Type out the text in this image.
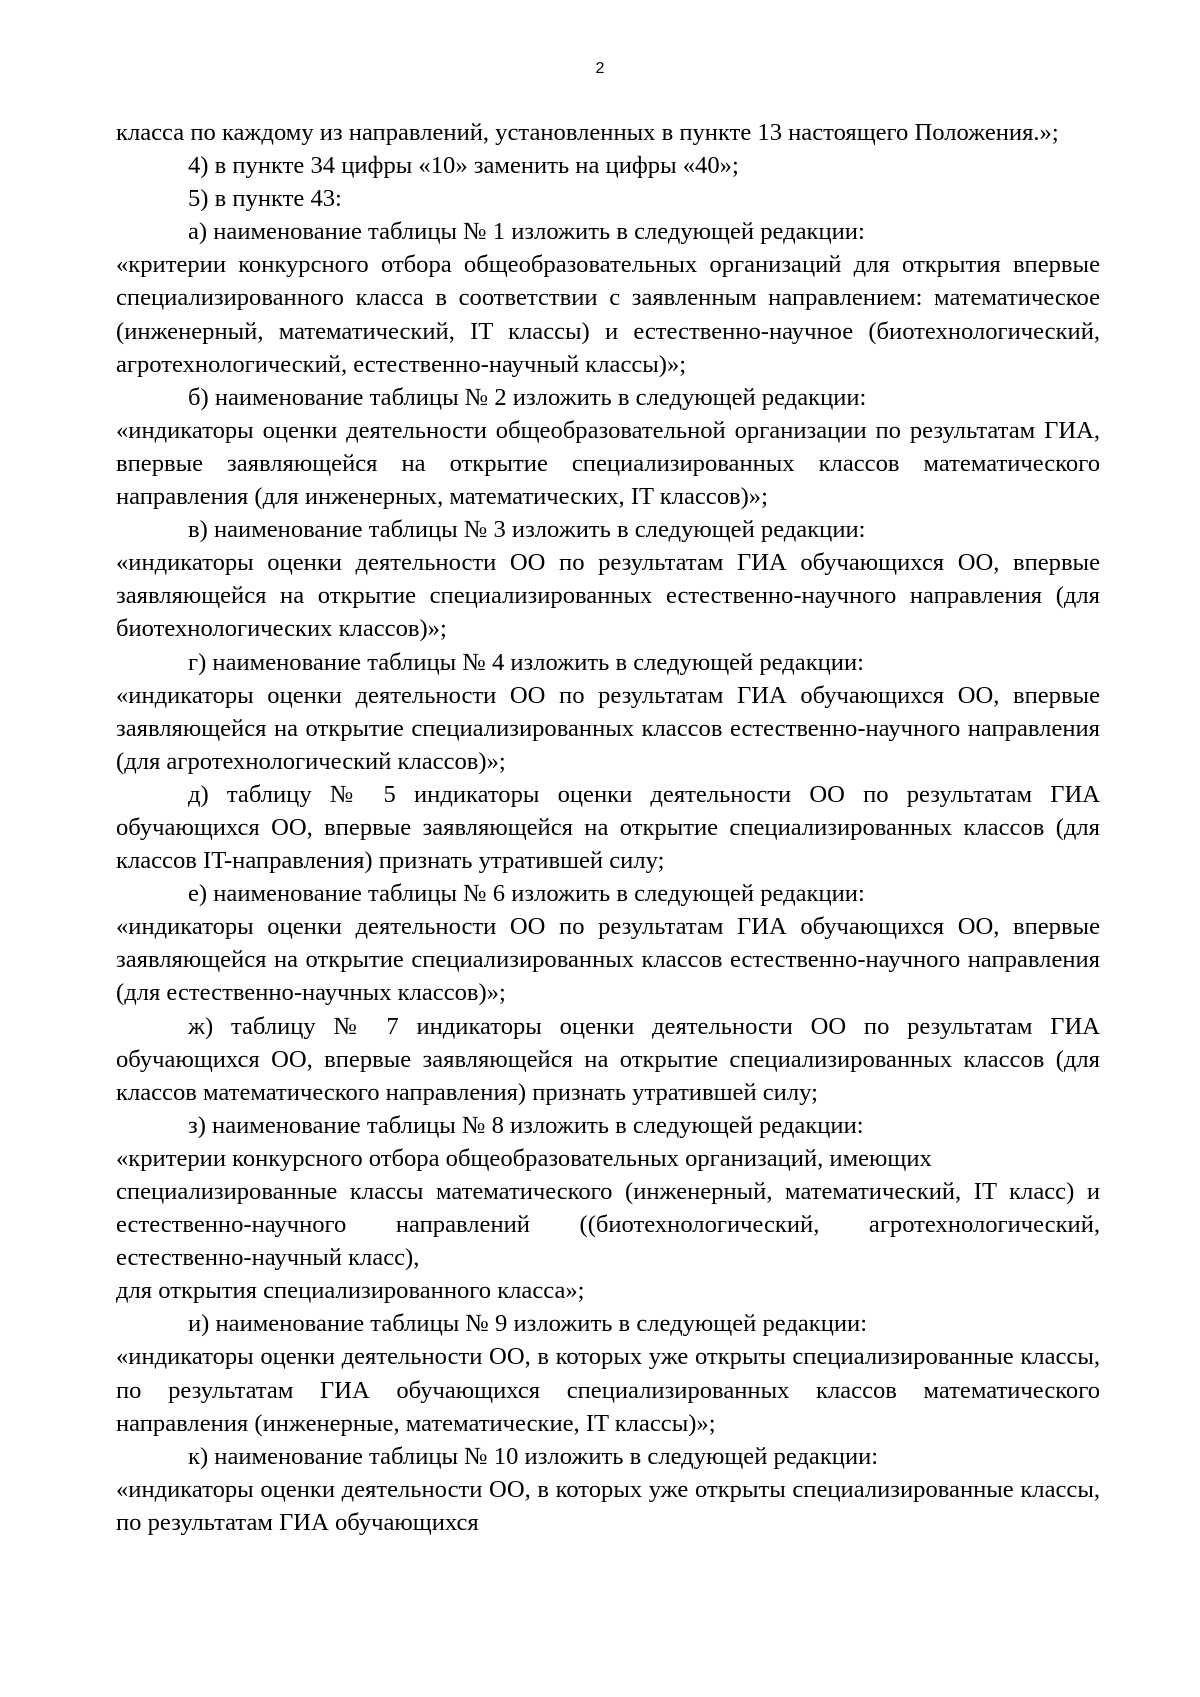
2

класса по каждому из направлений, установленных в пункте 13 настоящего Положения.»;

4) в пункте 34 цифры «10» заменить на цифры «40»;

5) в пункте 43:

а) наименование таблицы № 1 изложить в следующей редакции:

«критерии конкурсного отбора общеобразовательных организаций для открытия впервые специализированного класса в соответствии с заявленным направлением: математическое (инженерный, математический, IT классы) и естественно-научное (биотехнологический, агротехнологический, естественно-научный классы)»;

б) наименование таблицы № 2 изложить в следующей редакции:

«индикаторы оценки деятельности общеобразовательной организации по результатам ГИА, впервые заявляющейся на открытие специализированных классов математического направления (для инженерных, математических, IT классов)»;

в) наименование таблицы № 3 изложить в следующей редакции:

«индикаторы оценки деятельности ОО по результатам ГИА обучающихся ОО, впервые заявляющейся на открытие специализированных естественно-научного направления (для биотехнологических классов)»;

г) наименование таблицы № 4 изложить в следующей редакции:

«индикаторы оценки деятельности ОО по результатам ГИА обучающихся ОО, впервые заявляющейся на открытие специализированных классов естественно-научного направления (для агротехнологический классов)»;

д) таблицу № 5 индикаторы оценки деятельности ОО по результатам ГИА обучающихся ОО, впервые заявляющейся на открытие специализированных классов (для классов IT-направления) признать утратившей силу;

е) наименование таблицы № 6 изложить в следующей редакции:

«индикаторы оценки деятельности ОО по результатам ГИА обучающихся ОО, впервые заявляющейся на открытие специализированных классов естественно-научного направления (для естественно-научных классов)»;

ж) таблицу № 7 индикаторы оценки деятельности ОО по результатам ГИА обучающихся ОО, впервые заявляющейся на открытие специализированных классов (для классов математического направления) признать утратившей силу;

з) наименование таблицы № 8 изложить в следующей редакции:

«критерии конкурсного отбора общеобразовательных организаций, имеющих

специализированные классы математического (инженерный, математический, IT класс) и естественно-научного направлений ((биотехнологический, агротехнологический, естественно-научный класс),

для открытия специализированного класса»;

и) наименование таблицы № 9 изложить в следующей редакции:

«индикаторы оценки деятельности ОО, в которых уже открыты специализированные классы, по результатам ГИА обучающихся специализированных классов математического направления (инженерные, математические, IT классы)»;

к) наименование таблицы № 10 изложить в следующей редакции:

«индикаторы оценки деятельности ОО, в которых уже открыты специализированные классы, по результатам ГИА обучающихся
